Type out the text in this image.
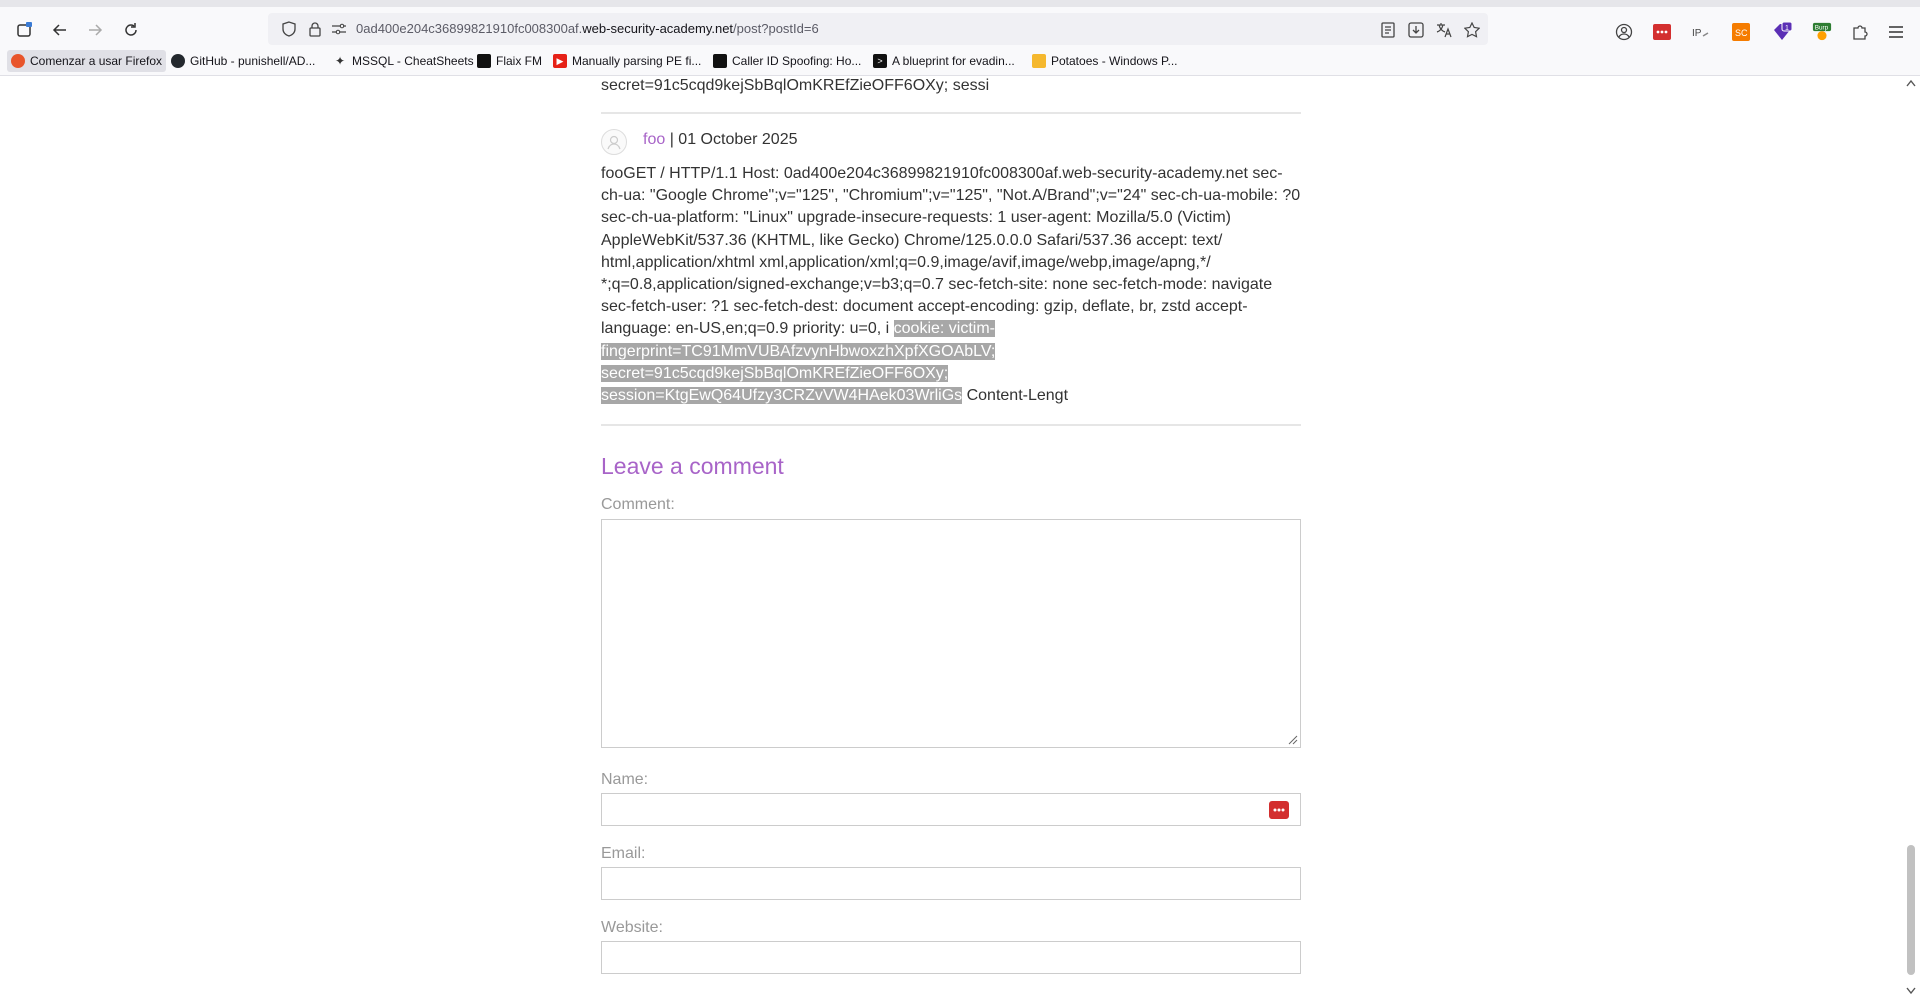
0ad400e204c36899821910fc008300af.web-security-academy.net/post?postId=6	IP	SC	1	Burp
Comenzar a usar Firefox GitHub - punishell/AD... ✦ MSSQL - CheatSheets Flaix FM	▶ Manually parsing PE fi...	Caller ID Spoofing: Ho...	> A blueprint for evadin...	Potatoes - Windows P...
secret=91c5cqd9kejSbBqlOmKREfZieOFF6OXy; sessi
foo | 01 October 2025
fooGET / HTTP/1.1 Host: 0ad400e204c36899821910fc008300af.web-security-academy.net sec-ch-ua: "Google Chrome";v="125", "Chromium";v="125", "Not.A/Brand";v="24" sec-ch-ua-mobile: ?0 sec-ch-ua-platform: "Linux" upgrade-insecure-requests: 1 user-agent: Mozilla/5.0 (Victim) AppleWebKit/537.36 (KHTML, like Gecko) Chrome/125.0.0.0 Safari/537.36 accept: text/ html,application/xhtml xml,application/xml;q=0.9,image/avif,image/webp,image/apng,*/ *;q=0.8,application/signed-exchange;v=b3;q=0.7 sec-fetch-site: none sec-fetch-mode: navigate sec-fetch-user: ?1 sec-fetch-dest: document accept-encoding: gzip, deflate, br, zstd accept-language: en-US,en;q=0.9 priority: u=0, i cookie: victim-fingerprint=TC91MmVUBAfzvynHbwoxzhXpfXGOAbLV; secret=91c5cqd9kejSbBqlOmKREfZieOFF6OXy; session=KtgEwQ64Ufzy3CRZvVW4HAek03WrliGs Content-Lengt
Leave a comment
Comment:
Name:
Email:
Website:
